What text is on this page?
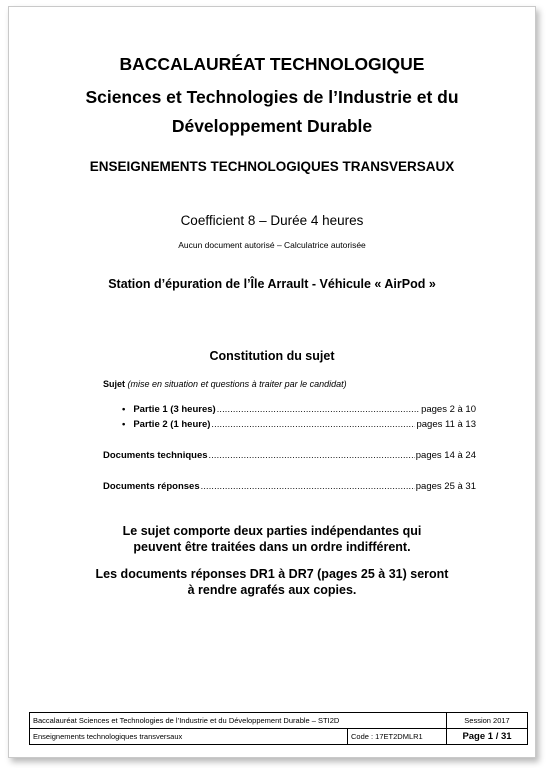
BACCALAURÉAT TECHNOLOGIQUE
Sciences et Technologies de l’Industrie et du
Développement Durable
ENSEIGNEMENTS TECHNOLOGIQUES TRANSVERSAUX
Coefficient 8 – Durée 4 heures
Aucun document autorisé – Calculatrice autorisée
Station d’épuration de l’Île Arrault - Véhicule « AirPod »
Constitution du sujet
Sujet (mise en situation et questions à traiter par le candidat)
• Partie 1 (3 heures) .....	pages 2 à 10
• Partie 2 (1 heure) .....	pages 11 à 13
Documents techniques .....	pages 14 à 24
Documents réponses .....	pages 25 à 31
Le sujet comporte deux parties indépendantes qui
peuvent être traitées dans un ordre indifférent.
Les documents réponses DR1 à DR7 (pages 25 à 31) seront
à rendre agrafés aux copies.
Baccalauréat Sciences et Technologies de l’Industrie et du Développement Durable – STI2D		Session 2017
Enseignements technologiques transversaux	Code : 17ET2DMLR1	Page 1 / 31
